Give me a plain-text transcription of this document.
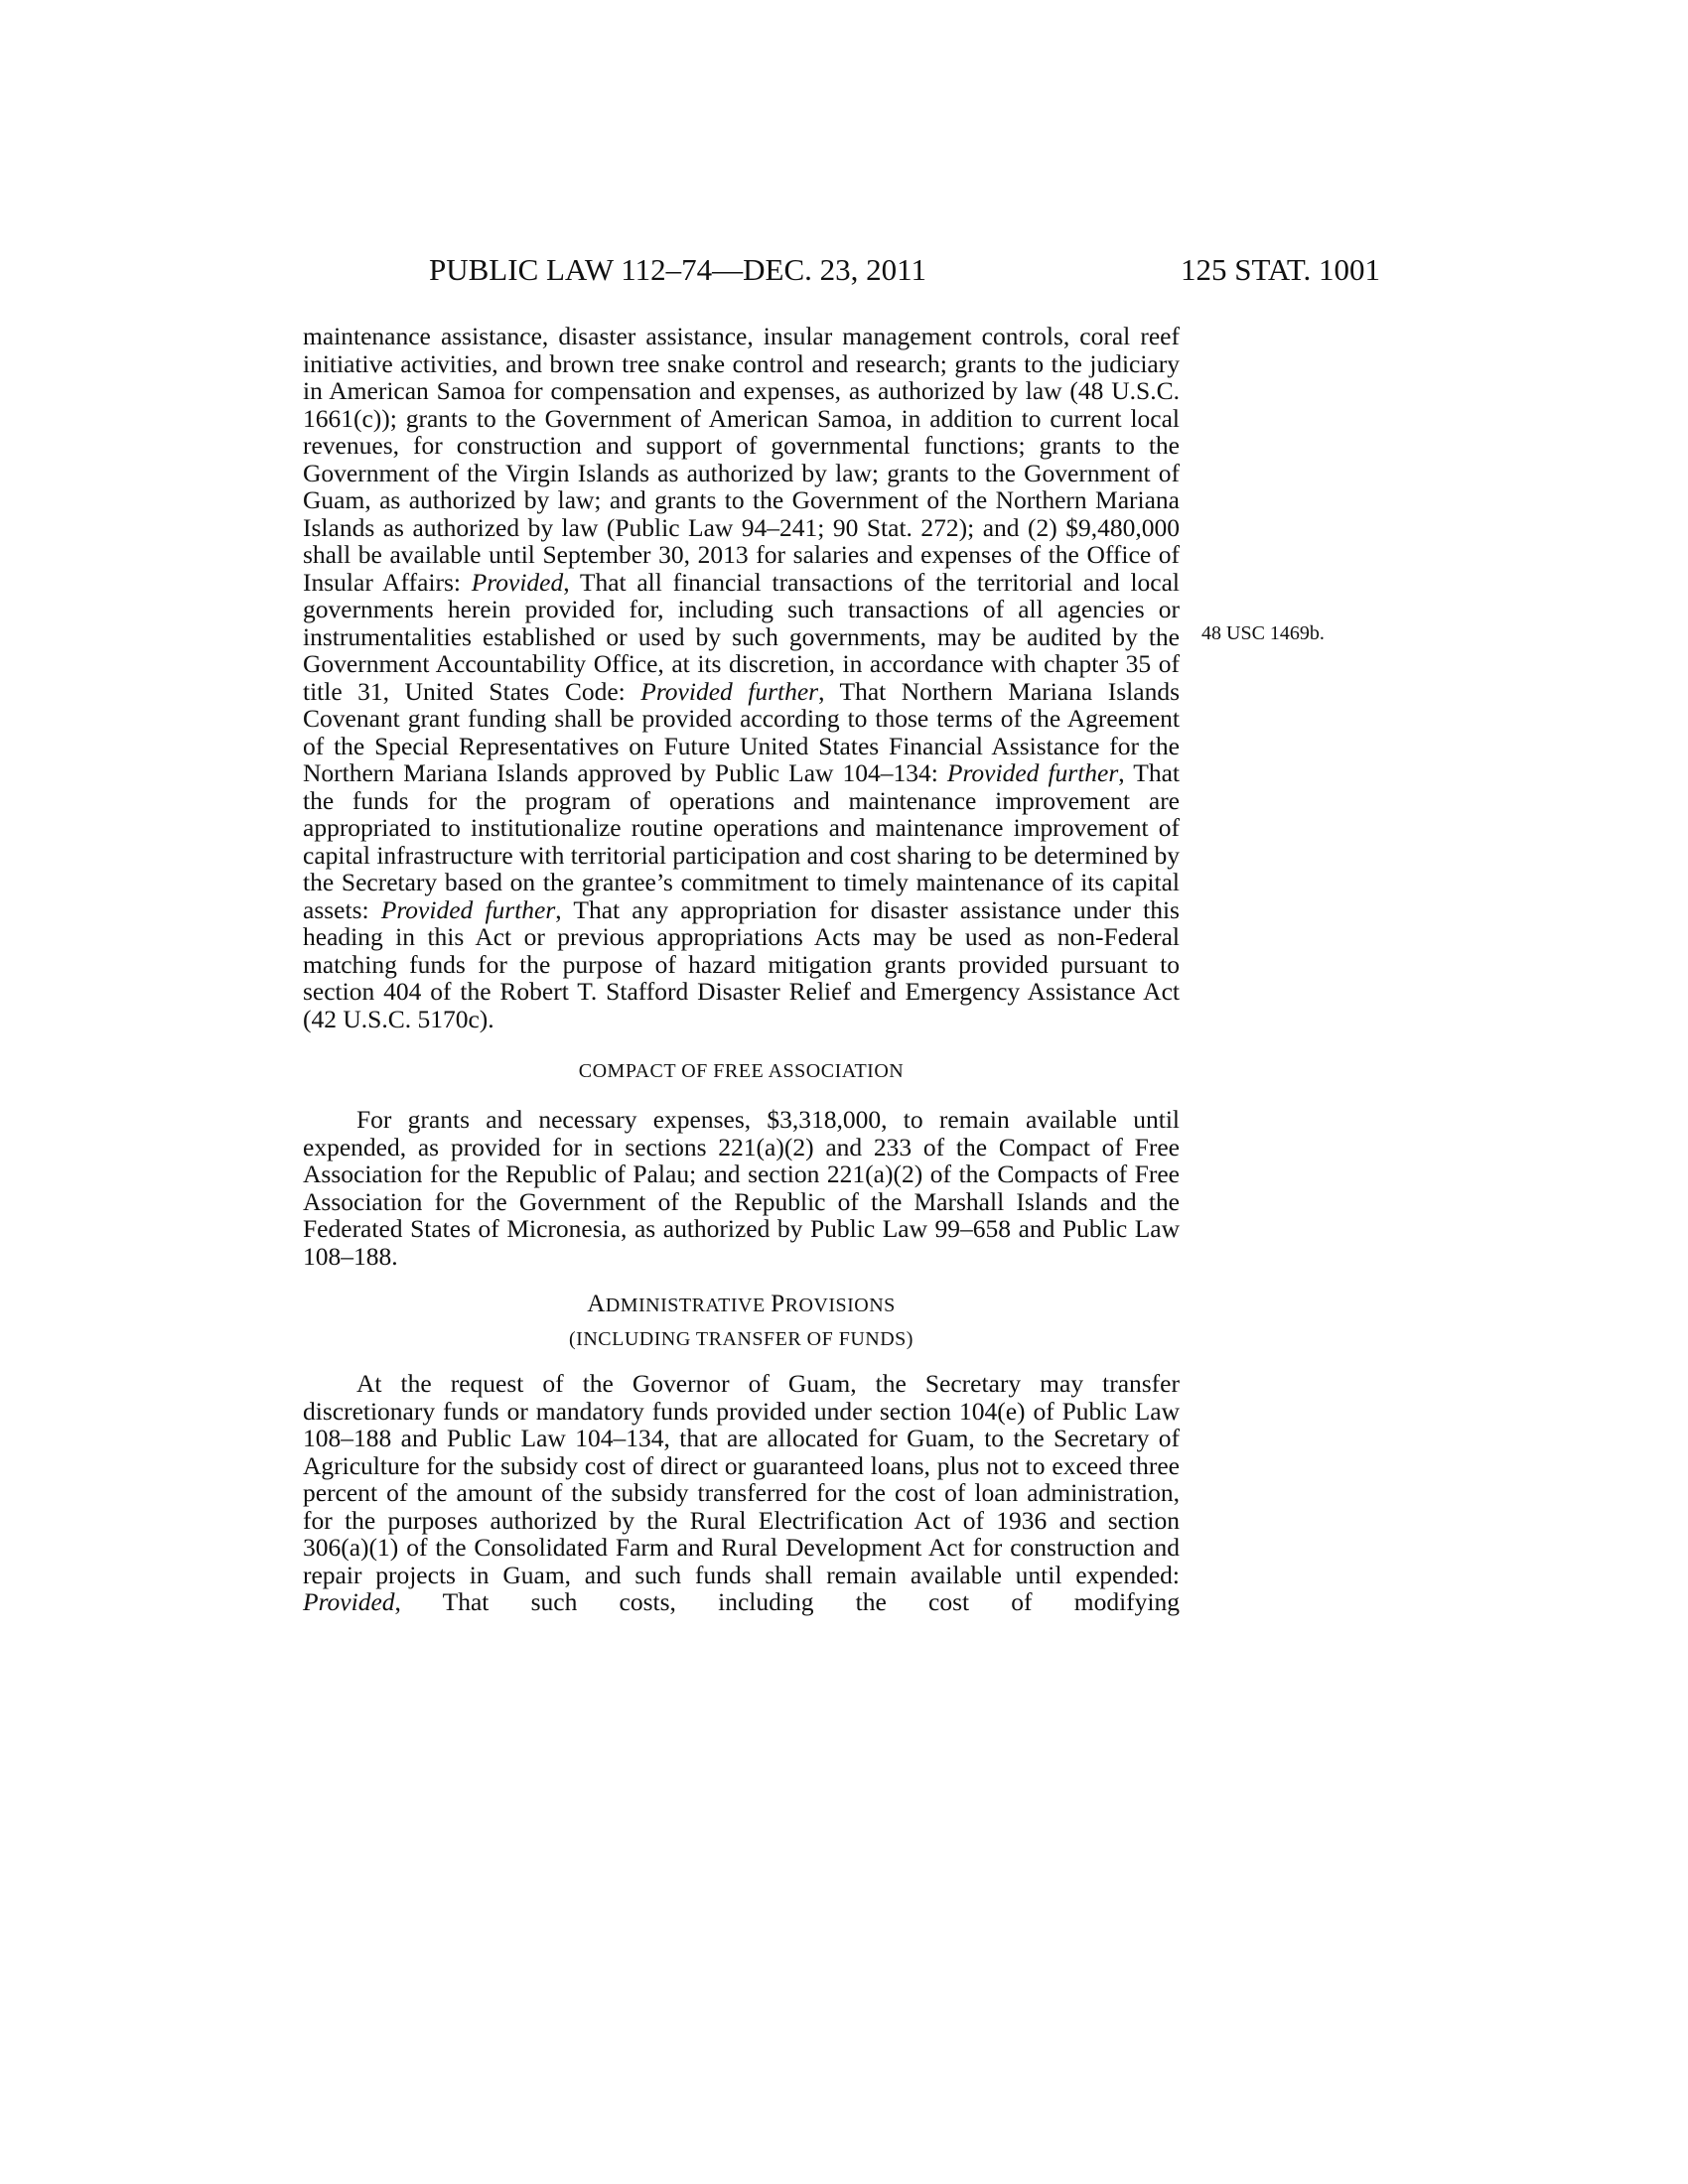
PUBLIC LAW 112–74—DEC. 23, 2011	125 STAT. 1001
48 USC 1469b.

maintenance assistance, disaster assistance, insular management controls, coral reef initiative activities, and brown tree snake control and research; grants to the judiciary in American Samoa for compensation and expenses, as authorized by law (48 U.S.C. 1661(c)); grants to the Government of American Samoa, in addition to current local revenues, for construction and support of governmental functions; grants to the Government of the Virgin Islands as authorized by law; grants to the Government of Guam, as authorized by law; and grants to the Government of the Northern Mariana Islands as authorized by law (Public Law 94–241; 90 Stat. 272); and (2) $9,480,000 shall be available until September 30, 2013 for salaries and expenses of the Office of Insular Affairs: Provided, That all financial transactions of the territorial and local governments herein provided for, including such transactions of all agencies or instrumentalities established or used by such governments, may be audited by the Government Accountability Office, at its discretion, in accordance with chapter 35 of title 31, United States Code: Provided further, That Northern Mariana Islands Covenant grant funding shall be provided according to those terms of the Agreement of the Special Representatives on Future United States Financial Assistance for the Northern Mariana Islands approved by Public Law 104–134: Provided further, That the funds for the program of operations and maintenance improvement are appropriated to institutionalize routine operations and maintenance improvement of capital infrastructure with territorial participation and cost sharing to be determined by the Secretary based on the grantee’s commitment to timely maintenance of its capital assets: Provided further, That any appropriation for disaster assistance under this heading in this Act or previous appropriations Acts may be used as non-Federal matching funds for the purpose of hazard mitigation grants provided pursuant to section 404 of the Robert T. Stafford Disaster Relief and Emergency Assistance Act (42 U.S.C. 5170c).

COMPACT OF FREE ASSOCIATION

For grants and necessary expenses, $3,318,000, to remain available until expended, as provided for in sections 221(a)(2) and 233 of the Compact of Free Association for the Republic of Palau; and section 221(a)(2) of the Compacts of Free Association for the Government of the Republic of the Marshall Islands and the Federated States of Micronesia, as authorized by Public Law 99–658 and Public Law 108–188.

ADMINISTRATIVE PROVISIONS
(INCLUDING TRANSFER OF FUNDS)

At the request of the Governor of Guam, the Secretary may transfer discretionary funds or mandatory funds provided under section 104(e) of Public Law 108–188 and Public Law 104–134, that are allocated for Guam, to the Secretary of Agriculture for the subsidy cost of direct or guaranteed loans, plus not to exceed three percent of the amount of the subsidy transferred for the cost of loan administration, for the purposes authorized by the Rural Electrification Act of 1936 and section 306(a)(1) of the Consolidated Farm and Rural Development Act for construction and repair projects in Guam, and such funds shall remain available until expended: Provided, That such costs, including the cost of modifying
